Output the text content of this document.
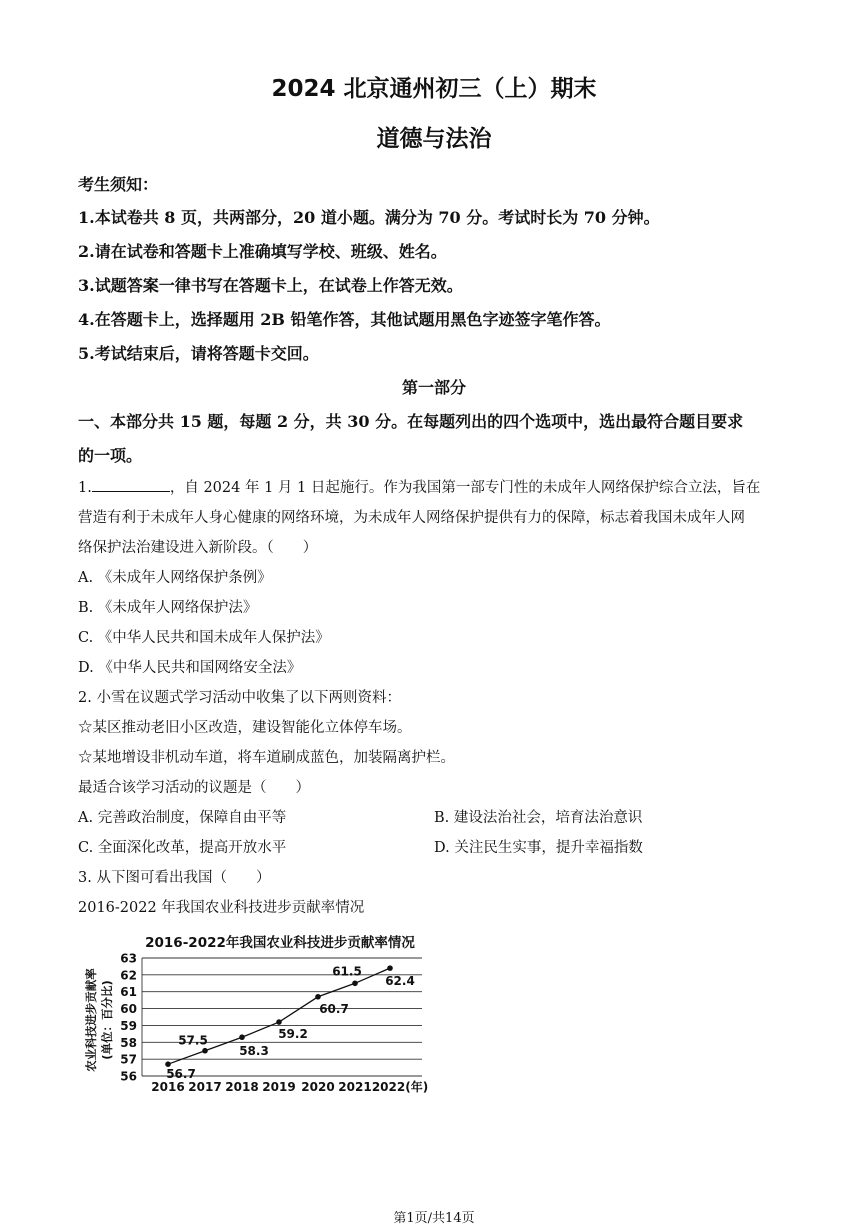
2024 北京通州初三（上）期末
道德与法治
考生须知：
1.本试卷共 8 页，共两部分，20 道小题。满分为 70 分。考试时长为 70 分钟。
2.请在试卷和答题卡上准确填写学校、班级、姓名。
3.试题答案一律书写在答题卡上，在试卷上作答无效。
4.在答题卡上，选择题用 2B 铅笔作答，其他试题用黑色字迹签字笔作答。
5.考试结束后，请将答题卡交回。
第一部分
一、本部分共 15 题，每题 2 分，共 30 分。在每题列出的四个选项中，选出最符合题目要求
的一项。
1.	，自 2024 年 1 月 1 日起施行。作为我国第一部专门性的未成年人网络保护综合立法，旨在
营造有利于未成年人身心健康的网络环境，为未成年人网络保护提供有力的保障，标志着我国未成年人网
络保护法治建设进入新阶段。（　　）
A. 《未成年人网络保护条例》
B. 《未成年人网络保护法》
C. 《中华人民共和国未成年人保护法》
D. 《中华人民共和国网络安全法》
2. 小雪在议题式学习活动中收集了以下两则资料：
☆某区推动老旧小区改造，建设智能化立体停车场。
☆某地增设非机动车道，将车道刷成蓝色，加装隔离护栏。
最适合该学习活动的议题是（　　）
A. 完善政治制度，保障自由平等	B. 建设法治社会，培育法治意识
C. 全面深化改革，提高开放水平	D. 关注民生实事，提升幸福指数
3. 从下图可看出我国（　　）
2016-2022 年我国农业科技进步贡献率情况
2016-2022年我国农业科技进步贡献率情况
农业科技进步贡献率 (单位：百分比)
56
57
58
59
60
61
62
63
2016 2017 2018 2019 2020 2021 2022(年)
56.7
57.5
58.3
59.2
60.7
61.5
62.4
第1页/共14页
